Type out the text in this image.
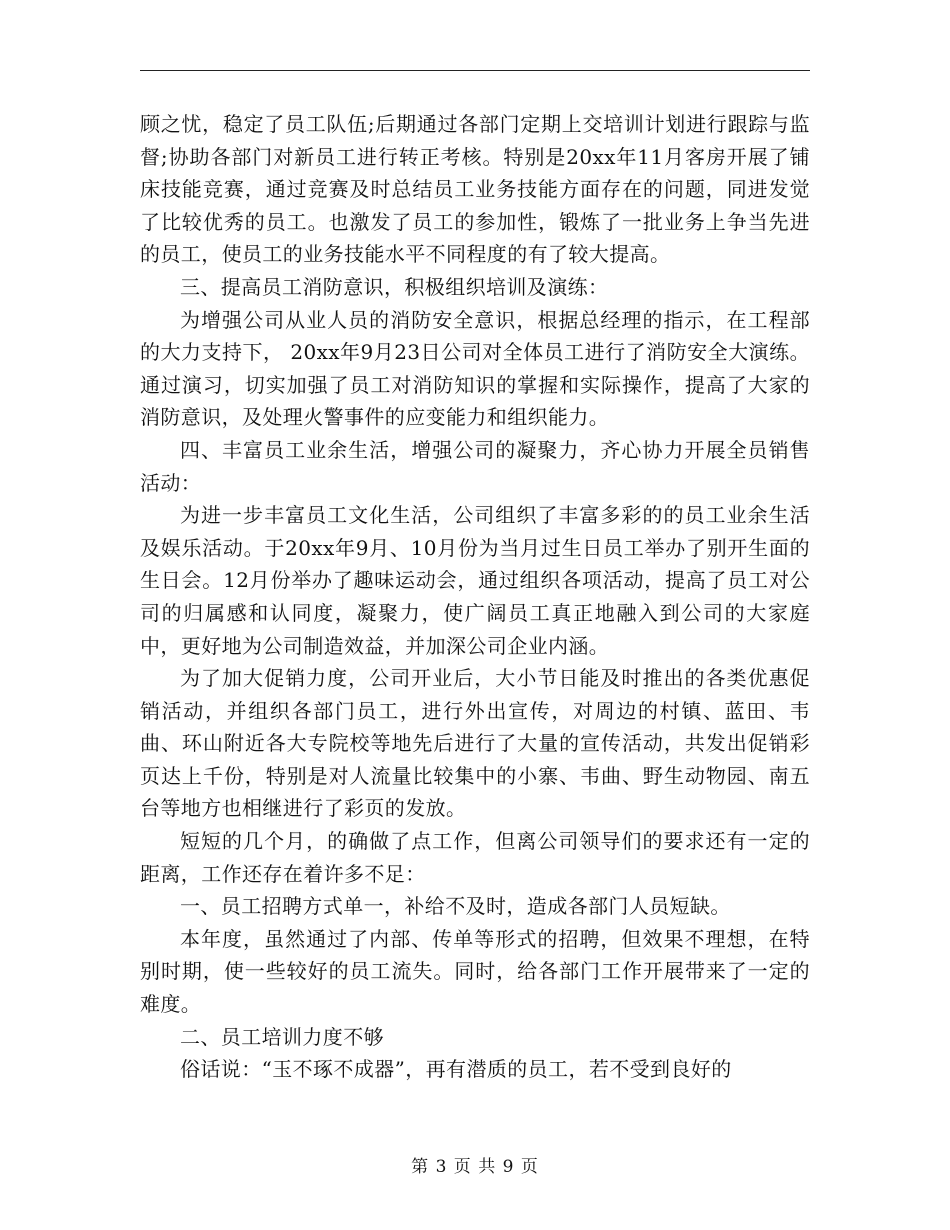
顾之忧，稳定了员工队伍;后期通过各部门定期上交培训计划进行跟踪与监督;协助各部门对新员工进行转正考核。特别是20xx年11月客房开展了铺床技能竞赛，通过竞赛及时总结员工业务技能方面存在的问题，同进发觉了比较优秀的员工。也激发了员工的参加性，锻炼了一批业务上争当先进的员工，使员工的业务技能水平不同程度的有了较大提高。

三、提高员工消防意识，积极组织培训及演练：

为增强公司从业人员的消防安全意识，根据总经理的指示，在工程部的大力支持下， 20xx年9月23日公司对全体员工进行了消防安全大演练。通过演习，切实加强了员工对消防知识的掌握和实际操作，提高了大家的消防意识，及处理火警事件的应变能力和组织能力。

四、丰富员工业余生活，增强公司的凝聚力，齐心协力开展全员销售活动：

为进一步丰富员工文化生活，公司组织了丰富多彩的的员工业余生活及娱乐活动。于20xx年9月、10月份为当月过生日员工举办了别开生面的生日会。12月份举办了趣味运动会，通过组织各项活动，提高了员工对公司的归属感和认同度，凝聚力，使广阔员工真正地融入到公司的大家庭中，更好地为公司制造效益，并加深公司企业内涵。

为了加大促销力度，公司开业后，大小节日能及时推出的各类优惠促销活动，并组织各部门员工，进行外出宣传，对周边的村镇、蓝田、韦曲、环山附近各大专院校等地先后进行了大量的宣传活动，共发出促销彩页达上千份，特别是对人流量比较集中的小寨、韦曲、野生动物园、南五台等地方也相继进行了彩页的发放。

短短的几个月，的确做了点工作，但离公司领导们的要求还有一定的距离，工作还存在着许多不足：

一、员工招聘方式单一，补给不及时，造成各部门人员短缺。

本年度，虽然通过了内部、传单等形式的招聘，但效果不理想，在特别时期，使一些较好的员工流失。同时，给各部门工作开展带来了一定的难度。

二、员工培训力度不够

俗话说：“玉不琢不成器”，再有潜质的员工，若不受到良好的

第 3 页 共 9 页
